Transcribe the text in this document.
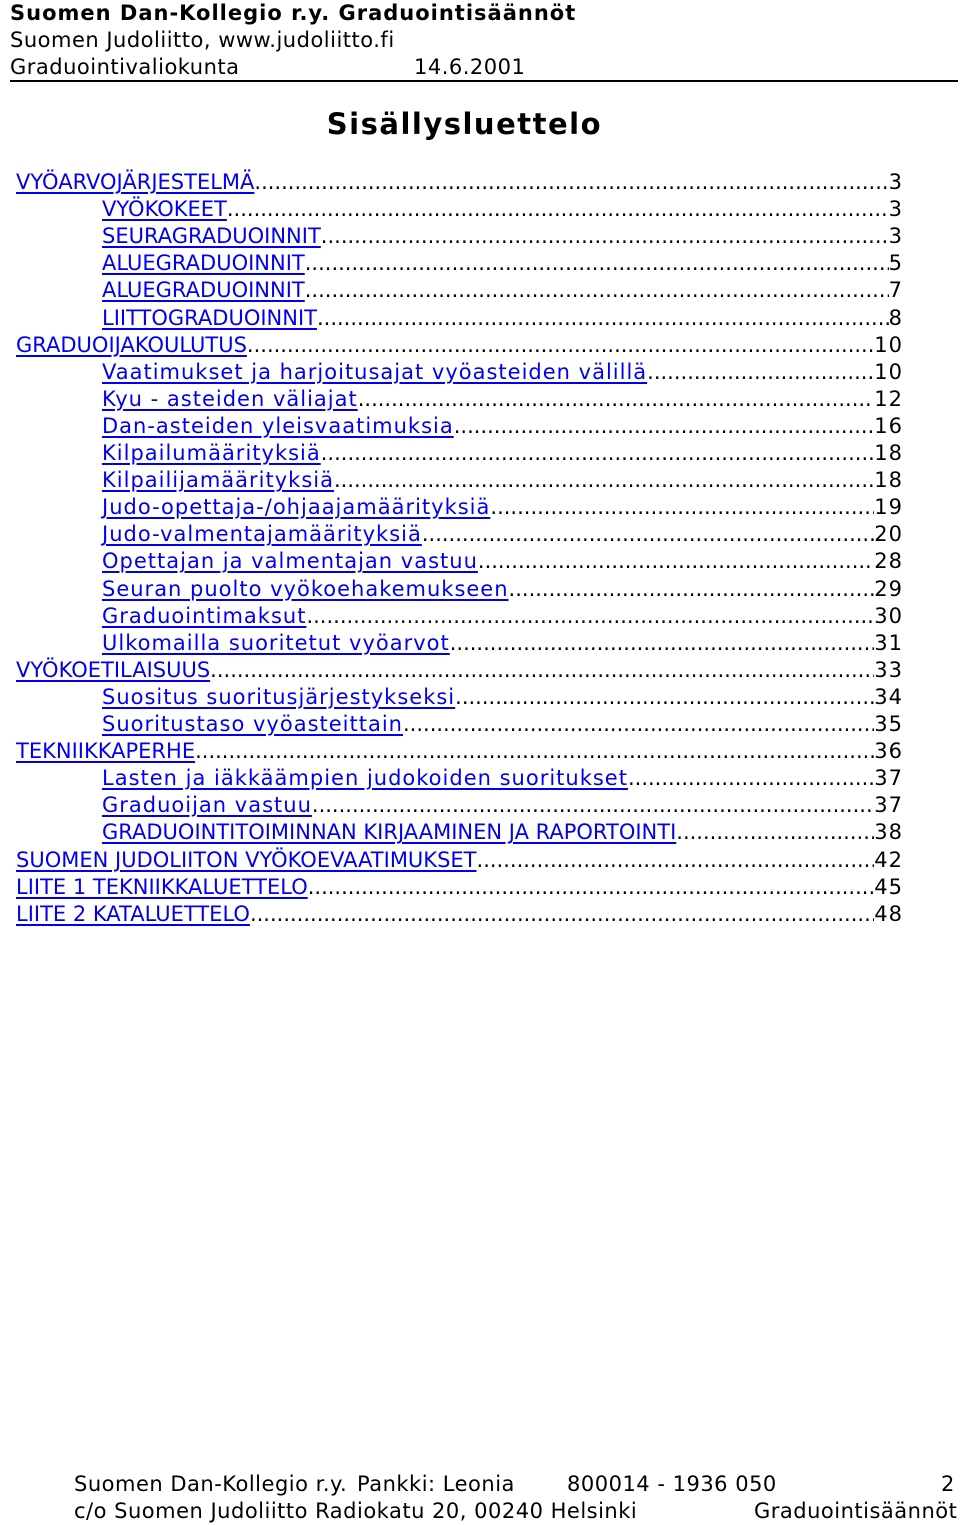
Suomen Dan-Kollegio r.y. Graduointisäännöt
Suomen Judoliitto, www.judoliitto.fi
Graduointivaliokunta	14.6.2001
Sisällysluettelo
VYÖARVOJÄRJESTELMÄ .....	3
VYÖKOKEET .....	3
SEURAGRADUOINNIT .....	3
ALUEGRADUOINNIT .....	5
ALUEGRADUOINNIT .....	7
LIITTOGRADUOINNIT .....	8
GRADUOIJAKOULUTUS .....	10
Vaatimukset ja harjoitusajat vyöasteiden välillä .....	10
Kyu - asteiden väliajat .....	12
Dan-asteiden yleisvaatimuksia .....	16
Kilpailumäärityksiä .....	18
Kilpailijamäärityksiä .....	18
Judo-opettaja-/ohjaajamäärityksiä .....	19
Judo-valmentajamäärityksiä .....	20
Opettajan ja valmentajan vastuu .....	28
Seuran puolto vyökoehakemukseen .....	29
Graduointimaksut .....	30
Ulkomailla suoritetut vyöarvot .....	31
VYÖKOETILAISUUS .....	33
Suositus suoritusjärjestykseksi .....	34
Suoritustaso vyöasteittain .....	35
TEKNIIKKAPERHE .....	36
Lasten ja iäkkäämpien judokoiden suoritukset .....	37
Graduoijan vastuu .....	37
GRADUOINTITOIMINNAN KIRJAAMINEN JA RAPORTOINTI .....	38
SUOMEN JUDOLIITON VYÖKOEVAATIMUKSET .....	42
LIITE 1 TEKNIIKKALUETTELO .....	45
LIITE 2 KATALUETTELO .....	48
Suomen Dan-Kollegio r.y. Pankki: Leonia 800014 - 1936 050	2
c/o Suomen Judoliitto Radiokatu 20, 00240 Helsinki	Graduointisäännöt
